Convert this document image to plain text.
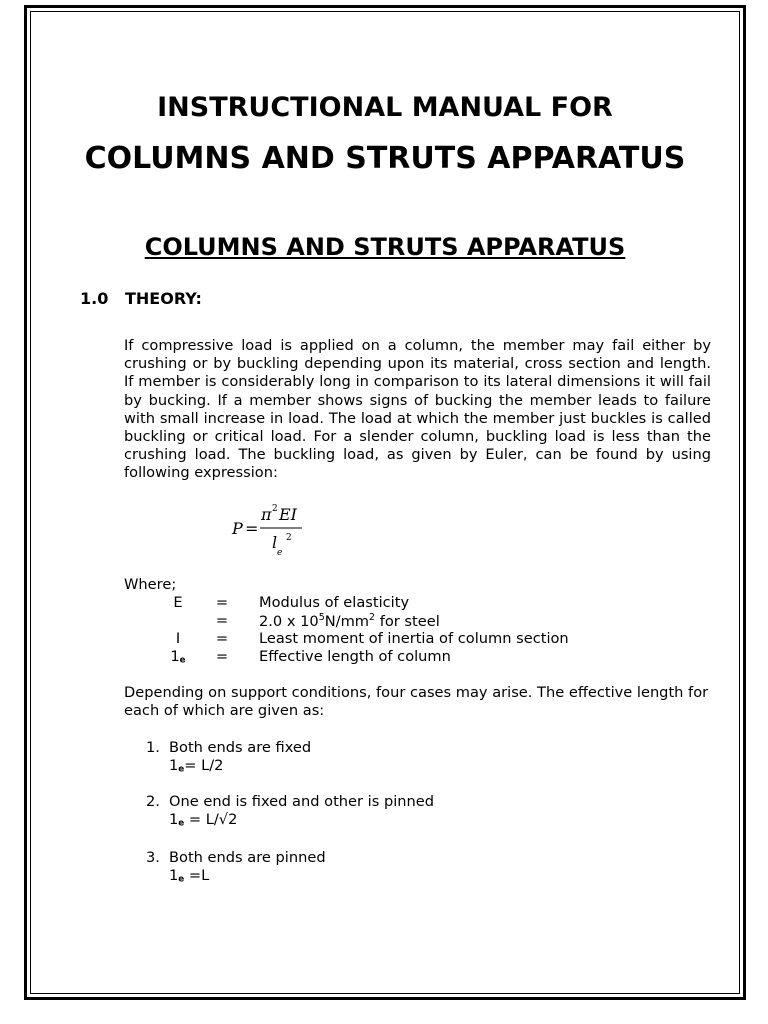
INSTRUCTIONAL MANUAL FOR
COLUMNS AND STRUTS APPARATUS
COLUMNS AND STRUTS APPARATUS
1.0 THEORY:

If compressive load is applied on a column, the member may fail either by crushing or by buckling depending upon its material, cross section and length. If member is considerably long in comparison to its lateral dimensions it will fail by bucking. If a member shows signs of bucking the member leads to failure with small increase in load. The load at which the member just buckles is called buckling or critical load. For a slender column, buckling load is less than the crushing load. The buckling load, as given by Euler, can be found by using following expression:

P =
π 2 EI
l
e
2
Where;
E	= Modulus of elasticity
= 2.0 x $10^5N/mm^2$ for steel
I	= Least moment of inertia of column section
1e	= Effective length of column

Depending on support conditions, four cases may arise. The effective length for each of which are given as:

1. Both ends are fixed
1e= L/2
2. One end is fixed and other is pinned
1e = L/√2
3. Both ends are pinned
1e =L
